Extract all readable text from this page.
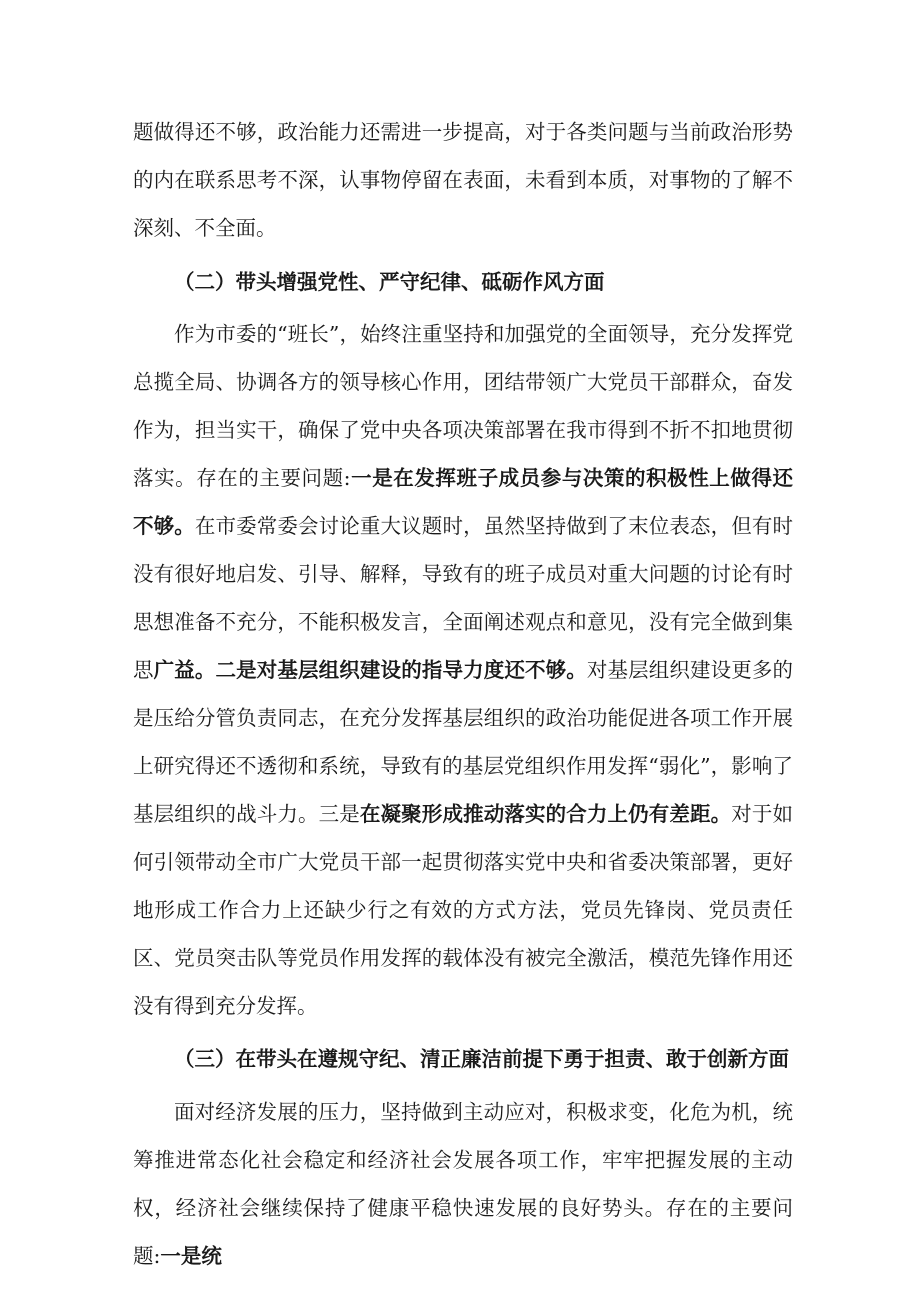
题做得还不够，政治能力还需进一步提高，对于各类问题与当前政治形势的内在联系思考不深，认事物停留在表面，未看到本质，对事物的了解不深刻、不全面。

（二）带头增强党性、严守纪律、砥砺作风方面

作为市委的“班长”，始终注重坚持和加强党的全面领导，充分发挥党总揽全局、协调各方的领导核心作用，团结带领广大党员干部群众，奋发作为，担当实干，确保了党中央各项决策部署在我市得到不折不扣地贯彻落实。存在的主要问题:一是在发挥班子成员参与决策的积极性上做得还不够。在市委常委会讨论重大议题时，虽然坚持做到了末位表态，但有时没有很好地启发、引导、解释，导致有的班子成员对重大问题的讨论有时思想准备不充分，不能积极发言，全面阐述观点和意见，没有完全做到集思广益。二是对基层组织建设的指导力度还不够。对基层组织建设更多的是压给分管负责同志，在充分发挥基层组织的政治功能促进各项工作开展上研究得还不透彻和系统，导致有的基层党组织作用发挥“弱化”，影响了基层组织的战斗力。三是在凝聚形成推动落实的合力上仍有差距。对于如何引领带动全市广大党员干部一起贯彻落实党中央和省委决策部署，更好地形成工作合力上还缺少行之有效的方式方法，党员先锋岗、党员责任区、党员突击队等党员作用发挥的载体没有被完全激活，模范先锋作用还没有得到充分发挥。

（三）在带头在遵规守纪、清正廉洁前提下勇于担责、敢于创新方面

面对经济发展的压力，坚持做到主动应对，积极求变，化危为机，统筹推进常态化社会稳定和经济社会发展各项工作，牢牢把握发展的主动权，经济社会继续保持了健康平稳快速发展的良好势头。存在的主要问题:一是统
